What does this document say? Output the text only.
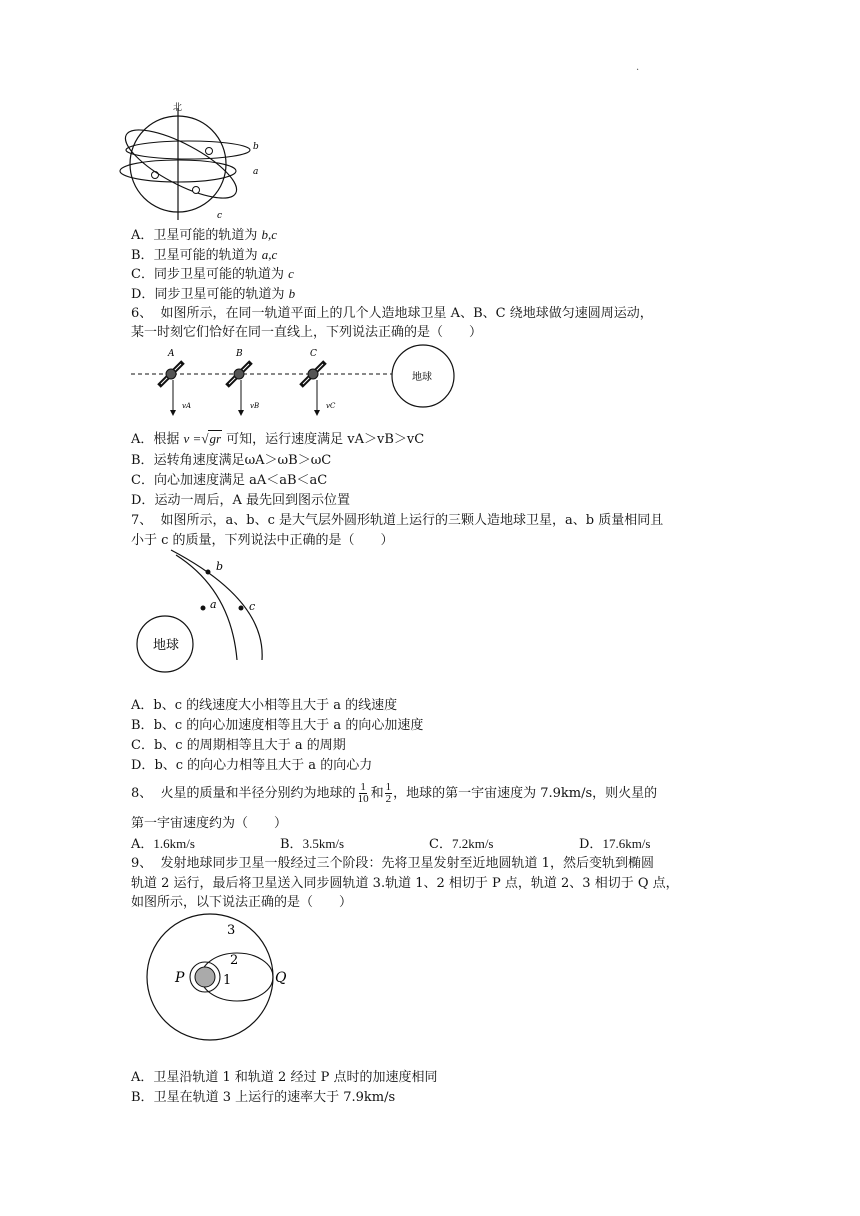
.
北
b
a
c
A．卫星可能的轨道为 b,c
B．卫星可能的轨道为 a,c
C．同步卫星可能的轨道为 c
D．同步卫星可能的轨道为 b
6、 如图所示，在同一轨道平面上的几个人造地球卫星 A、B、C 绕地球做匀速圆周运动，
某一时刻它们恰好在同一直线上，下列说法正确的是（　　）
A
vA
B
vB
C
vC
地球
A．根据 v =√gr 可知，运行速度满足 vA＞vB＞vC
B．运转角速度满足ωA＞ωB＞ωC
C．向心加速度满足 aA＜aB＜aC
D．运动一周后，A 最先回到图示位置
7、 如图所示，a、b、c 是大气层外圆形轨道上运行的三颗人造地球卫星，a、b 质量相同且
小于 c 的质量，下列说法中正确的是（　　）
b
a	c
地球
A．b、c 的线速度大小相等且大于 a 的线速度
B．b、c 的向心加速度相等且大于 a 的向心加速度
C．b、c 的周期相等且大于 a 的周期
D．b、c 的向心力相等且大于 a 的向心力
8、 火星的质量和半径分别约为地球的 $\frac{1}{10}$ 和 $\frac{1}{2}$ ，地球的第一宇宙速度为 7.9km/s，则火星的
第一宇宙速度约为（　　）
A．1.6km/s	B．3.5km/s	C．7.2km/s	D．17.6km/s
9、 发射地球同步卫星一般经过三个阶段：先将卫星发射至近地圆轨道 1，然后变轨到椭圆
轨道 2 运行，最后将卫星送入同步圆轨道 3.轨道 1、2 相切于 P 点，轨道 2、3 相切于 Q 点，
如图所示，以下说法正确的是（　　）
3
2
1
P	Q
A．卫星沿轨道 1 和轨道 2 经过 P 点时的加速度相同
B．卫星在轨道 3 上运行的速率大于 7.9km/s
